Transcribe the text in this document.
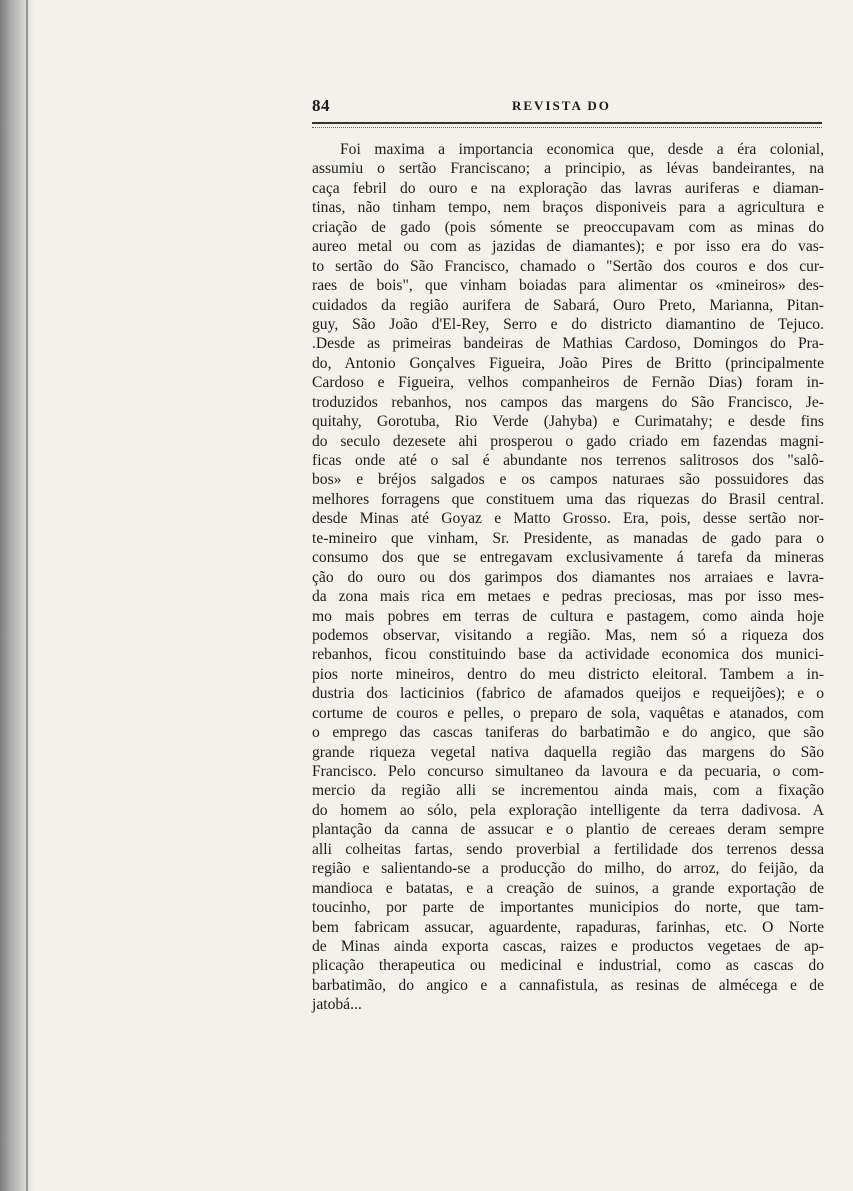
84	REVISTA DO
Foi maxima a importancia economica que, desde a éra colonial,
assumiu o sertão Franciscano; a principio, as lévas bandeirantes, na
caça febril do ouro e na exploração das lavras auriferas e diaman-
tinas, não tinham tempo, nem braços disponiveis para a agricultura e
criação de gado (pois sómente se preoccupavam com as minas do
aureo metal ou com as jazidas de diamantes); e por isso era do vas-
to sertão do São Francisco, chamado o "Sertão dos couros e dos cur-
raes de bois", que vinham boiadas para alimentar os «mineiros» des-
cuidados da região aurifera de Sabará, Ouro Preto, Marianna, Pitan-
guy, São João d'El-Rey, Serro e do districto diamantino de Tejuco.
.Desde as primeiras bandeiras de Mathias Cardoso, Domingos do Pra-
do, Antonio Gonçalves Figueira, João Pires de Britto (principalmente
Cardoso e Figueira, velhos companheiros de Fernão Dias) foram in-
troduzidos rebanhos, nos campos das margens do São Francisco, Je-
quitahy, Gorotuba, Rio Verde (Jahyba) e Curimatahy; e desde fins
do seculo dezesete ahi prosperou o gado criado em fazendas magni-
ficas onde até o sal é abundante nos terrenos salitrosos dos "salô-
bos» e bréjos salgados e os campos naturaes são possuidores das
melhores forragens que constituem uma das riquezas do Brasil central.
desde Minas até Goyaz e Matto Grosso. Era, pois, desse sertão nor-
te-mineiro que vinham, Sr. Presidente, as manadas de gado para o
consumo dos que se entregavam exclusivamente á tarefa da mineras
ção do ouro ou dos garimpos dos diamantes nos arraiaes e lavra-
da zona mais rica em metaes e pedras preciosas, mas por isso mes-
mo mais pobres em terras de cultura e pastagem, como ainda hoje
podemos observar, visitando a região. Mas, nem só a riqueza dos
rebanhos, ficou constituindo base da actividade economica dos munici-
pios norte mineiros, dentro do meu districto eleitoral. Tambem a in-
dustria dos lacticinios (fabrico de afamados queijos e requeijões); e o
cortume de couros e pelles, o preparo de sola, vaquêtas e atanados, com
o emprego das cascas taniferas do barbatimão e do angico, que são
grande riqueza vegetal nativa daquella região das margens do São
Francisco. Pelo concurso simultaneo da lavoura e da pecuaria, o com-
mercio da região alli se incrementou ainda mais, com a fixação
do homem ao sólo, pela exploração intelligente da terra dadivosa. A
plantação da canna de assucar e o plantio de cereaes deram sempre
alli colheitas fartas, sendo proverbial a fertilidade dos terrenos dessa
região e salientando-se a producção do milho, do arroz, do feijão, da
mandioca e batatas, e a creação de suinos, a grande exportação de
toucinho, por parte de importantes municipios do norte, que tam-
bem fabricam assucar, aguardente, rapaduras, farinhas, etc. O Norte
de Minas ainda exporta cascas, raizes e productos vegetaes de ap-
plicação therapeutica ou medicinal e industrial, como as cascas do
barbatimão, do angico e a cannafistula, as resinas de almécega e de
jatobá...
